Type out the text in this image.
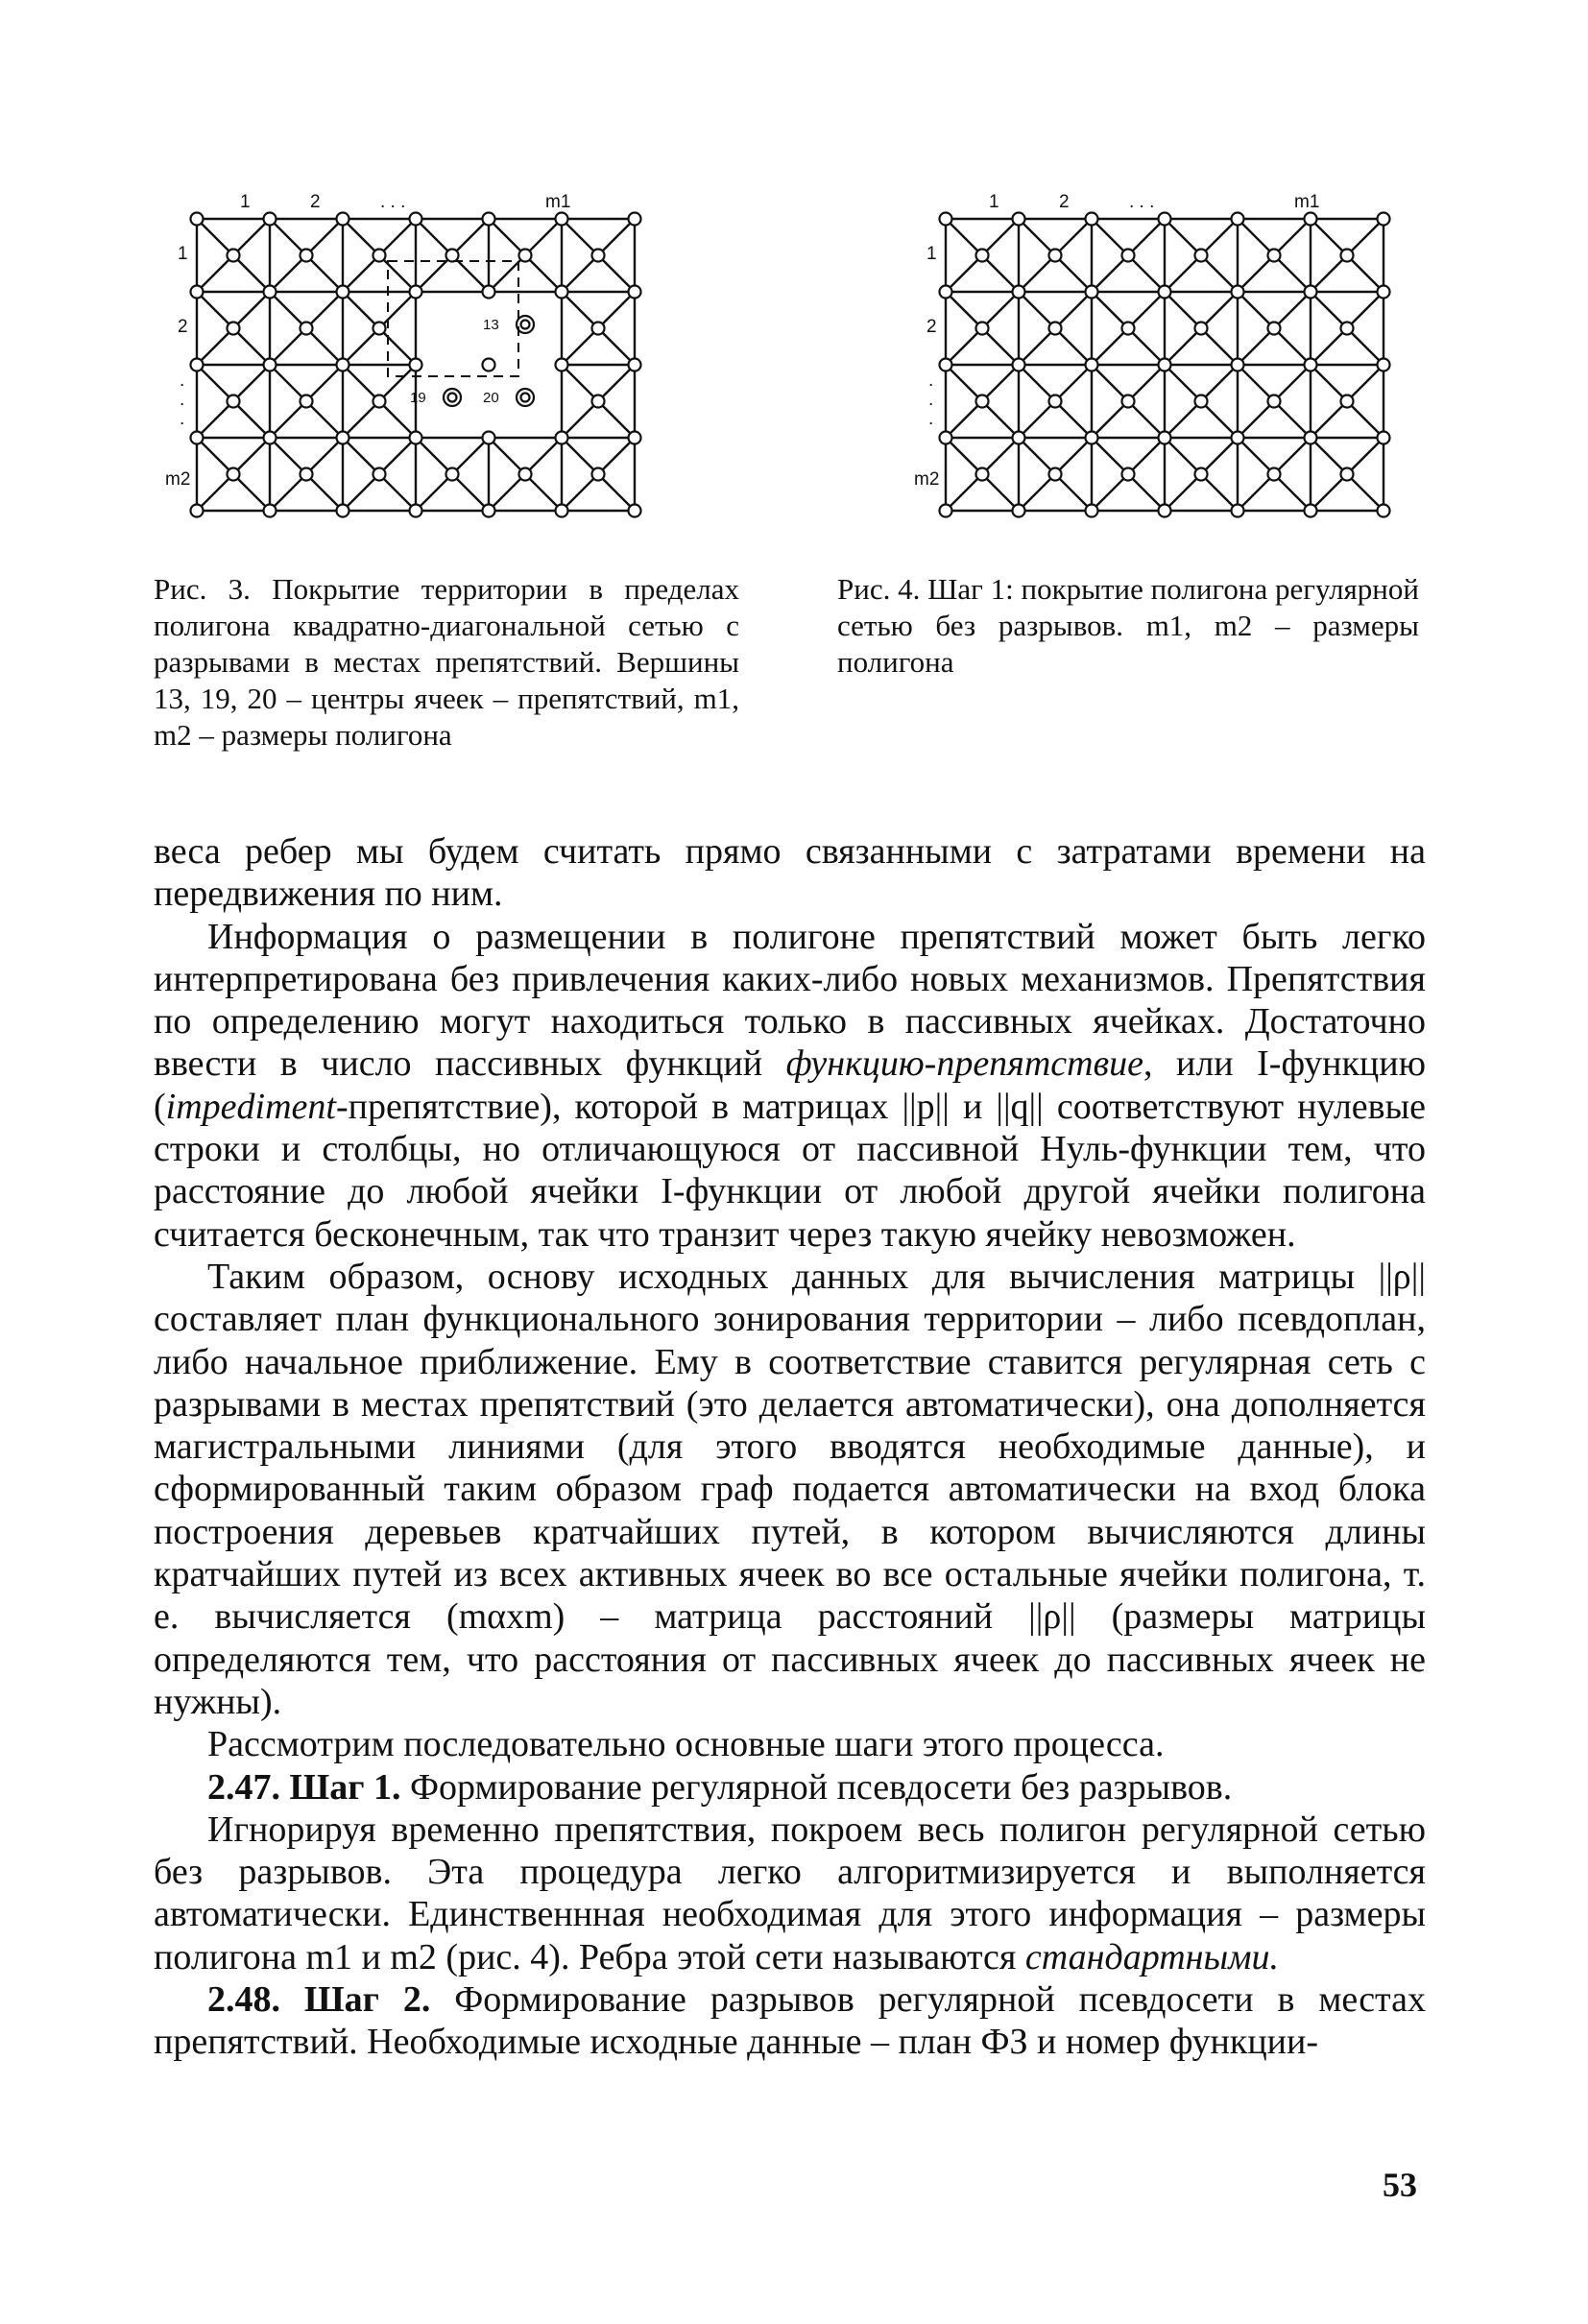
1	2	. . .	m1
1
2
.
.
.
m2
13
19	20
1	2	. . .	m1
1
2
.
.
.
m2
Рис. 3. Покрытие территории в пределах полигона квадратно-диагональной сетью с разрывами в местах препятствий. Вершины 13, 19, 20 – центры ячеек – препятствий, m1, m2 – размеры полигона
Рис. 4. Шаг 1: покрытие полигона регулярной сетью без разрывов. m1, m2 – размеры полигона

веса ребер мы будем считать прямо связанными с затратами времени на передвижения по ним.

Информация о размещении в полигоне препятствий может быть легко интерпретирована без привлечения каких-либо новых механизмов. Препятствия по определению могут находиться только в пассивных ячейках. Достаточно ввести в число пассивных функций функцию-препятствие, или I-функцию (impediment-препятствие), которой в матрицах ||p|| и ||q|| соответствуют нулевые строки и столбцы, но отличающуюся от пассивной Нуль-функции тем, что расстояние до любой ячейки I-функции от любой другой ячейки полигона считается бесконечным, так что транзит через такую ячейку невозможен.

Таким образом, основу исходных данных для вычисления матрицы ||ρ|| составляет план функционального зонирования территории – либо псевдоплан, либо начальное приближение. Ему в соответствие ставится регулярная сеть с разрывами в местах препятствий (это делается автоматически), она дополняется магистральными линиями (для этого вводятся необходимые данные), и сформированный таким образом граф подается автоматически на вход блока построения деревьев кратчайших путей, в котором вычисляются длины кратчайших путей из всех активных ячеек во все остальные ячейки полигона, т. е. вычисляется (mαxm) – матрица расстояний ||ρ|| (размеры матрицы определяются тем, что расстояния от пассивных ячеек до пассивных ячеек не нужны).

Рассмотрим последовательно основные шаги этого процесса.

2.47. Шаг 1. Формирование регулярной псевдосети без разрывов.

Игнорируя временно препятствия, покроем весь полигон регулярной сетью без разрывов. Эта процедура легко алгоритмизируется и выполняется автоматически. Единственнная необходимая для этого информация – размеры полигона m1 и m2 (рис. 4). Ребра этой сети называются стандартными.

2.48. Шаг 2. Формирование разрывов регулярной псевдосети в местах препятствий. Необходимые исходные данные – план ФЗ и номер функции-

53
